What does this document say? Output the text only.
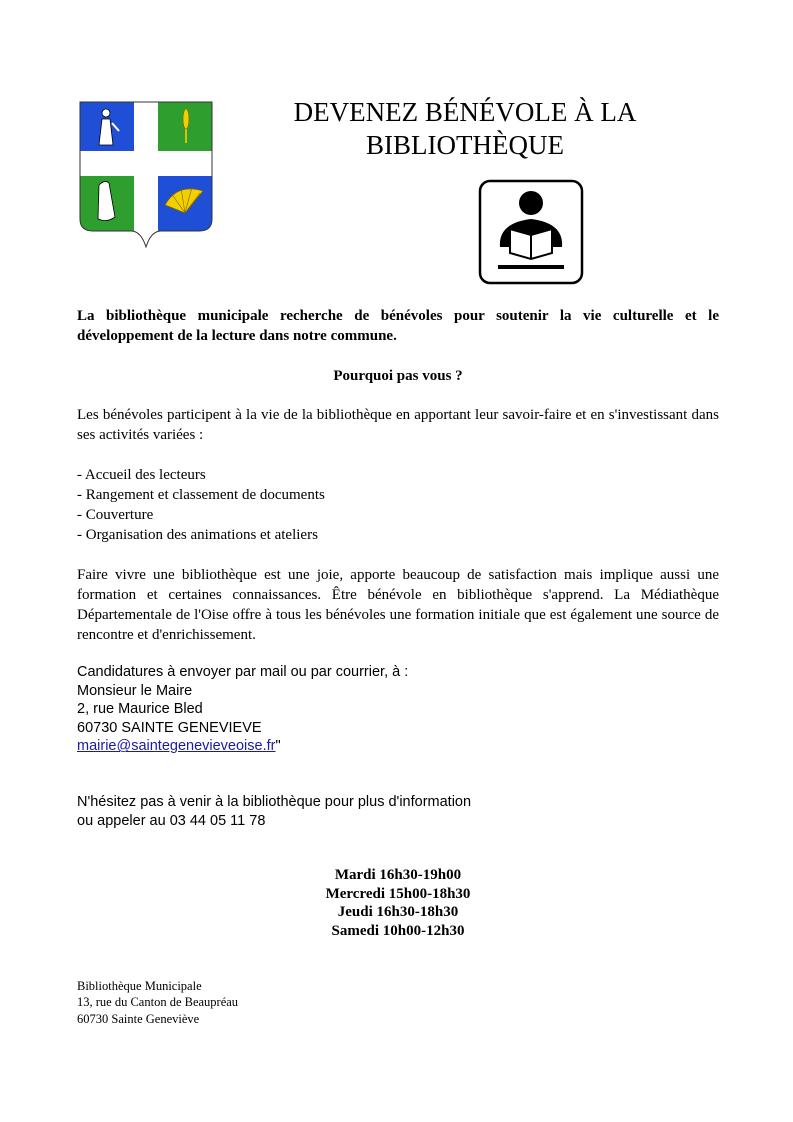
DEVENEZ BÉNÉVOLE À LA
BIBLIOTHÈQUE
La bibliothèque municipale recherche de bénévoles pour soutenir la vie culturelle et le développement de la lecture dans notre commune.
Pourquoi pas vous ?
Les bénévoles participent à la vie de la bibliothèque en apportant leur savoir-faire et en s'investissant dans ses activités variées :
- Accueil des lecteurs
- Rangement et classement de documents
- Couverture
- Organisation des animations et ateliers
Faire vivre une bibliothèque est une joie, apporte beaucoup de satisfaction mais implique aussi une formation et certaines connaissances. Être bénévole en bibliothèque s'apprend. La Médiathèque Départementale de l'Oise offre à tous les bénévoles une formation initiale que est également une source de rencontre et d'enrichissement.
Candidatures à envoyer par mail ou par courrier, à :
Monsieur le Maire
2, rue Maurice Bled
60730 SAINTE GENEVIEVE
mairie@saintegenevieveoise.fr"
N'hésitez pas à venir à la bibliothèque pour plus d'information
ou appeler au 03 44 05 11 78
Mardi 16h30-19h00
Mercredi 15h00-18h30
Jeudi 16h30-18h30
Samedi 10h00-12h30
Bibliothèque Municipale
13, rue du Canton de Beaupréau
60730 Sainte Geneviève
